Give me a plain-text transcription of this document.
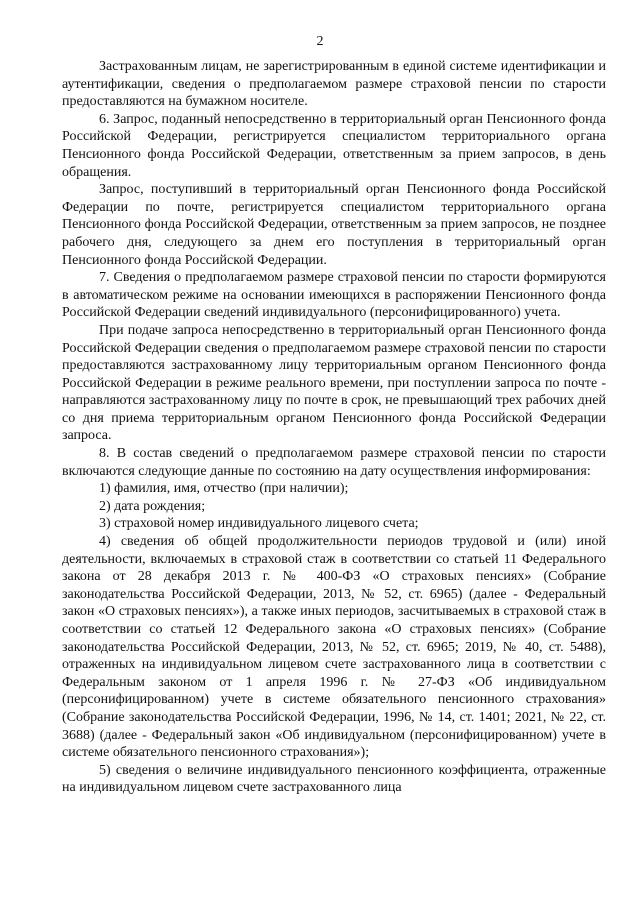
2

Застрахованным лицам, не зарегистрированным в единой системе идентификации и аутентификации, сведения о предполагаемом размере страховой пенсии по старости предоставляются на бумажном носителе.

6. Запрос, поданный непосредственно в территориальный орган Пенсионного фонда Российской Федерации, регистрируется специалистом территориального органа Пенсионного фонда Российской Федерации, ответственным за прием запросов, в день обращения.

Запрос, поступивший в территориальный орган Пенсионного фонда Российской Федерации по почте, регистрируется специалистом территориального органа Пенсионного фонда Российской Федерации, ответственным за прием запросов, не позднее рабочего дня, следующего за днем его поступления в территориальный орган Пенсионного фонда Российской Федерации.

7. Сведения о предполагаемом размере страховой пенсии по старости формируются в автоматическом режиме на основании имеющихся в распоряжении Пенсионного фонда Российской Федерации сведений индивидуального (персонифицированного) учета.

При подаче запроса непосредственно в территориальный орган Пенсионного фонда Российской Федерации сведения о предполагаемом размере страховой пенсии по старости предоставляются застрахованному лицу территориальным органом Пенсионного фонда Российской Федерации в режиме реального времени, при поступлении запроса по почте - направляются застрахованному лицу по почте в срок, не превышающий трех рабочих дней со дня приема территориальным органом Пенсионного фонда Российской Федерации запроса.

8. В состав сведений о предполагаемом размере страховой пенсии по старости включаются следующие данные по состоянию на дату осуществления информирования:

1) фамилия, имя, отчество (при наличии);

2) дата рождения;

3) страховой номер индивидуального лицевого счета;

4) сведения об общей продолжительности периодов трудовой и (или) иной деятельности, включаемых в страховой стаж в соответствии со статьей 11 Федерального закона от 28 декабря 2013 г. № 400-ФЗ «О страховых пенсиях» (Собрание законодательства Российской Федерации, 2013, № 52, ст. 6965) (далее - Федеральный закон «О страховых пенсиях»), а также иных периодов, засчитываемых в страховой стаж в соответствии со статьей 12 Федерального закона «О страховых пенсиях» (Собрание законодательства Российской Федерации, 2013, № 52, ст. 6965; 2019, № 40, ст. 5488), отраженных на индивидуальном лицевом счете застрахованного лица в соответствии с Федеральным законом от 1 апреля 1996 г. № 27-ФЗ «Об индивидуальном (персонифицированном) учете в системе обязательного пенсионного страхования» (Собрание законодательства Российской Федерации, 1996, № 14, ст. 1401; 2021, № 22, ст. 3688) (далее - Федеральный закон «Об индивидуальном (персонифицированном) учете в системе обязательного пенсионного страхования»);

5) сведения о величине индивидуального пенсионного коэффициента, отраженные на индивидуальном лицевом счете застрахованного лица
